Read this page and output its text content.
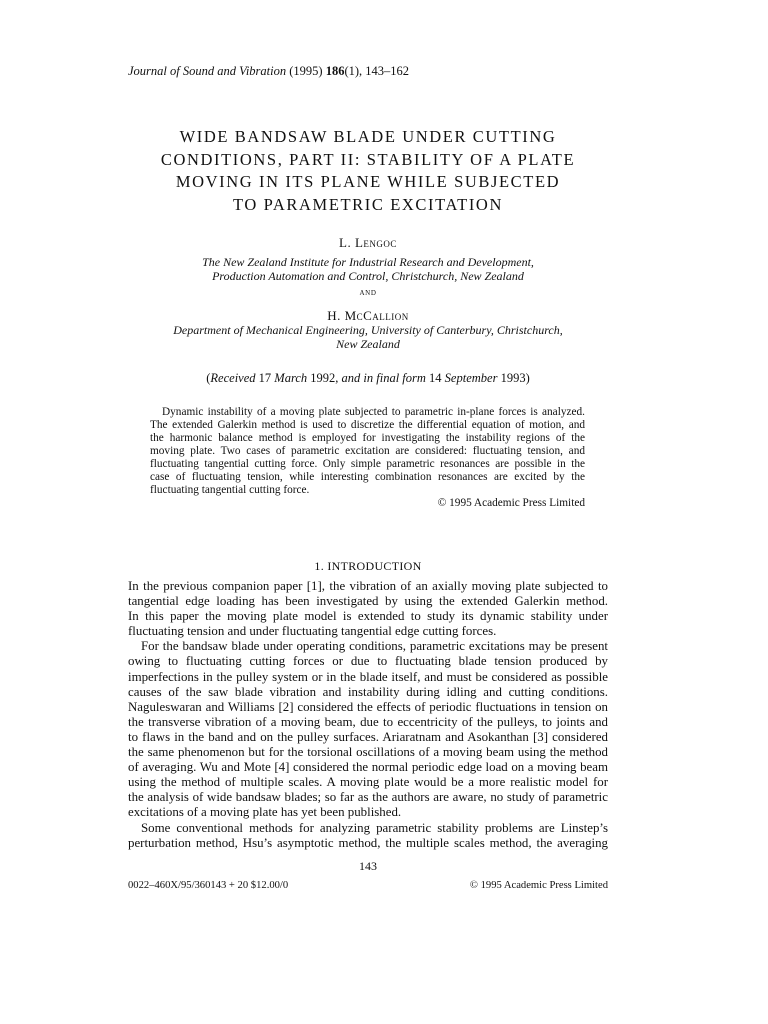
Journal of Sound and Vibration (1995) 186(1), 143–162
WIDE BANDSAW BLADE UNDER CUTTING
CONDITIONS, PART II: STABILITY OF A PLATE
MOVING IN ITS PLANE WHILE SUBJECTED
TO PARAMETRIC EXCITATION
L. Lengoc
The New Zealand Institute for Industrial Research and Development,
Production Automation and Control, Christchurch, New Zealand
and
H. McCallion
Department of Mechanical Engineering, University of Canterbury, Christchurch,
New Zealand
(Received 17 March 1992, and in final form 14 September 1993)
Dynamic instability of a moving plate subjected to parametric in-plane forces is analyzed.
The extended Galerkin method is used to discretize the differential equation of motion, and
the harmonic balance method is employed for investigating the instability regions of the
moving plate. Two cases of parametric excitation are considered: fluctuating tension, and
fluctuating tangential cutting force. Only simple parametric resonances are possible in the
case of fluctuating tension, while interesting combination resonances are excited by the
fluctuating tangential cutting force.
© 1995 Academic Press Limited
1. INTRODUCTION
In the previous companion paper [1], the vibration of an axially moving plate subjected to
tangential edge loading has been investigated by using the extended Galerkin method.
In this paper the moving plate model is extended to study its dynamic stability under
fluctuating tension and under fluctuating tangential edge cutting forces.
For the bandsaw blade under operating conditions, parametric excitations may be present
owing to fluctuating cutting forces or due to fluctuating blade tension produced by
imperfections in the pulley system or in the blade itself, and must be considered as possible
causes of the saw blade vibration and instability during idling and cutting conditions.
Naguleswaran and Williams [2] considered the effects of periodic fluctuations in tension on
the transverse vibration of a moving beam, due to eccentricity of the pulleys, to joints and
to flaws in the band and on the pulley surfaces. Ariaratnam and Asokanthan [3] considered
the same phenomenon but for the torsional oscillations of a moving beam using the method
of averaging. Wu and Mote [4] considered the normal periodic edge load on a moving beam
using the method of multiple scales. A moving plate would be a more realistic model for
the analysis of wide bandsaw blades; so far as the authors are aware, no study of parametric
excitations of a moving plate has yet been published.
Some conventional methods for analyzing parametric stability problems are Linstep’s
perturbation method, Hsu’s asymptotic method, the multiple scales method, the averaging
143
0022–460X/95/360143 + 20 $12.00/0	© 1995 Academic Press Limited
